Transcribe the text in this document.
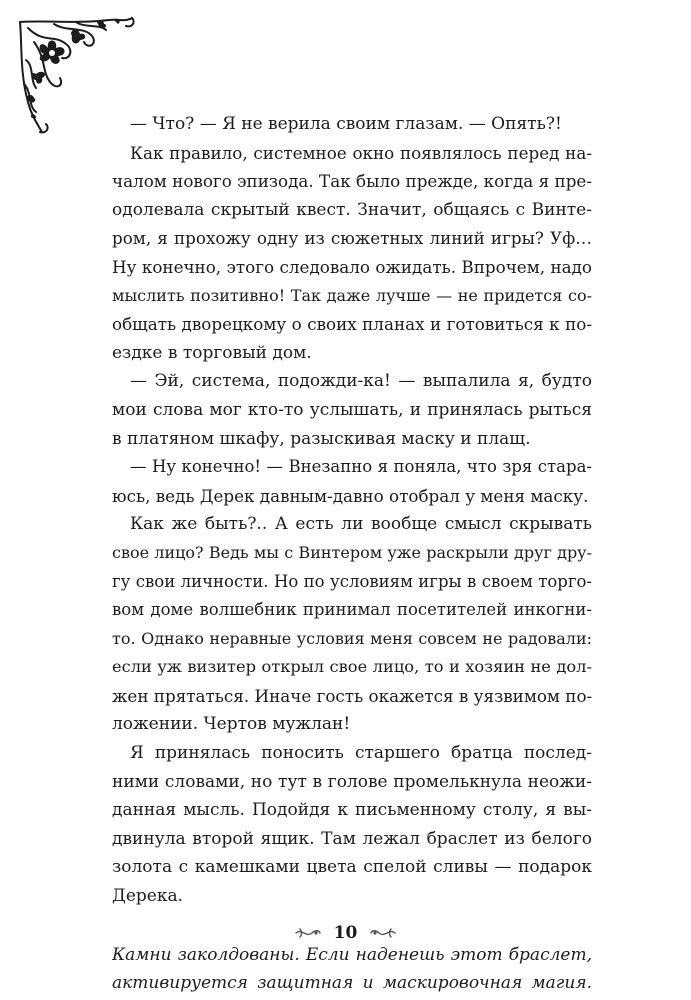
— Что? — Я не верила своим глазам. — Опять?!
Как правило, системное окно появлялось перед на-
чалом нового эпизода. Так было прежде, когда я пре-
одолевала скрытый квест. Значит, общаясь с Винте-
ром, я прохожу одну из сюжетных линий игры? Уф…
Ну конечно, этого следовало ожидать. Впрочем, надо
мыслить позитивно! Так даже лучше — не придется со-
общать дворецкому о своих планах и готовиться к по-
ездке в торговый дом.
— Эй, система, подожди-ка! — выпалила я, будто
мои слова мог кто-то услышать, и принялась рыться
в платяном шкафу, разыскивая маску и плащ.
— Ну конечно! — Внезапно я поняла, что зря стара-
юсь, ведь Дерек давным-давно отобрал у меня маску.
Как же быть?.. А есть ли вообще смысл скрывать
свое лицо? Ведь мы с Винтером уже раскрыли друг дру-
гу свои личности. Но по условиям игры в своем торго-
вом доме волшебник принимал посетителей инкогни-
то. Однако неравные условия меня совсем не радовали:
если уж визитер открыл свое лицо, то и хозяин не дол-
жен прятаться. Иначе гость окажется в уязвимом по-
ложении. Чертов мужлан!
Я принялась поносить старшего братца послед-
ними словами, но тут в голове промелькнула неожи-
данная мысль. Подойдя к письменному столу, я вы-
двинула второй ящик. Там лежал браслет из белого
золота с камешками цвета спелой сливы — подарок
Дерека.
Камни заколдованы. Если наденешь этот браслет,
активируется защитная и маскировочная магия.
10
